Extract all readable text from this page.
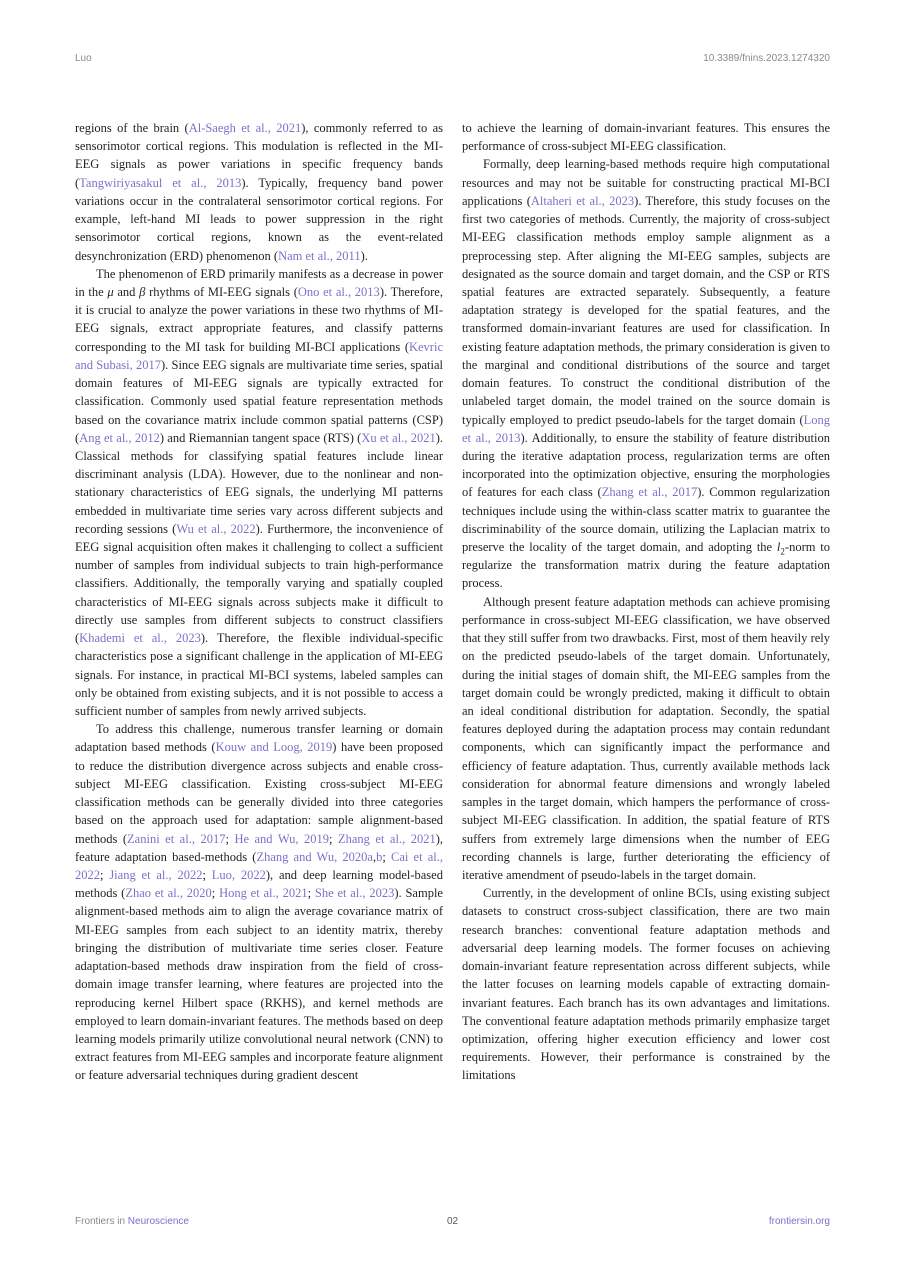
Luo	10.3389/fnins.2023.1274320

regions of the brain (Al-Saegh et al., 2021), commonly referred to as sensorimotor cortical regions. This modulation is reflected in the MI-EEG signals as power variations in specific frequency bands (Tangwiriyasakul et al., 2013). Typically, frequency band power variations occur in the contralateral sensorimotor cortical regions. For example, left-hand MI leads to power suppression in the right sensorimotor cortical regions, known as the event-related desynchronization (ERD) phenomenon (Nam et al., 2011).

The phenomenon of ERD primarily manifests as a decrease in power in the μ and β rhythms of MI-EEG signals (Ono et al., 2013). Therefore, it is crucial to analyze the power variations in these two rhythms of MI-EEG signals, extract appropriate features, and classify patterns corresponding to the MI task for building MI-BCI applications (Kevric and Subasi, 2017). Since EEG signals are multivariate time series, spatial domain features of MI-EEG signals are typically extracted for classification. Commonly used spatial feature representation methods based on the covariance matrix include common spatial patterns (CSP) (Ang et al., 2012) and Riemannian tangent space (RTS) (Xu et al., 2021). Classical methods for classifying spatial features include linear discriminant analysis (LDA). However, due to the nonlinear and non-stationary characteristics of EEG signals, the underlying MI patterns embedded in multivariate time series vary across different subjects and recording sessions (Wu et al., 2022). Furthermore, the inconvenience of EEG signal acquisition often makes it challenging to collect a sufficient number of samples from individual subjects to train high-performance classifiers. Additionally, the temporally varying and spatially coupled characteristics of MI-EEG signals across subjects make it difficult to directly use samples from different subjects to construct classifiers (Khademi et al., 2023). Therefore, the flexible individual-specific characteristics pose a significant challenge in the application of MI-EEG signals. For instance, in practical MI-BCI systems, labeled samples can only be obtained from existing subjects, and it is not possible to access a sufficient number of samples from newly arrived subjects.

To address this challenge, numerous transfer learning or domain adaptation based methods (Kouw and Loog, 2019) have been proposed to reduce the distribution divergence across subjects and enable cross-subject MI-EEG classification. Existing cross-subject MI-EEG classification methods can be generally divided into three categories based on the approach used for adaptation: sample alignment-based methods (Zanini et al., 2017; He and Wu, 2019; Zhang et al., 2021), feature adaptation based-methods (Zhang and Wu, 2020a,b; Cai et al., 2022; Jiang et al., 2022; Luo, 2022), and deep learning model-based methods (Zhao et al., 2020; Hong et al., 2021; She et al., 2023). Sample alignment-based methods aim to align the average covariance matrix of MI-EEG samples from each subject to an identity matrix, thereby bringing the distribution of multivariate time series closer. Feature adaptation-based methods draw inspiration from the field of cross-domain image transfer learning, where features are projected into the reproducing kernel Hilbert space (RKHS), and kernel methods are employed to learn domain-invariant features. The methods based on deep learning models primarily utilize convolutional neural network (CNN) to extract features from MI-EEG samples and incorporate feature alignment or feature adversarial techniques during gradient descent

to achieve the learning of domain-invariant features. This ensures the performance of cross-subject MI-EEG classification.

Formally, deep learning-based methods require high computational resources and may not be suitable for constructing practical MI-BCI applications (Altaheri et al., 2023). Therefore, this study focuses on the first two categories of methods. Currently, the majority of cross-subject MI-EEG classification methods employ sample alignment as a preprocessing step. After aligning the MI-EEG samples, subjects are designated as the source domain and target domain, and the CSP or RTS spatial features are extracted separately. Subsequently, a feature adaptation strategy is developed for the spatial features, and the transformed domain-invariant features are used for classification. In existing feature adaptation methods, the primary consideration is given to the marginal and conditional distributions of the source and target domain features. To construct the conditional distribution of the unlabeled target domain, the model trained on the source domain is typically employed to predict pseudo-labels for the target domain (Long et al., 2013). Additionally, to ensure the stability of feature distribution during the iterative adaptation process, regularization terms are often incorporated into the optimization objective, ensuring the morphologies of features for each class (Zhang et al., 2017). Common regularization techniques include using the within-class scatter matrix to guarantee the discriminability of the source domain, utilizing the Laplacian matrix to preserve the locality of the target domain, and adopting the $l_2$-norm to regularize the transformation matrix during the feature adaptation process.

Although present feature adaptation methods can achieve promising performance in cross-subject MI-EEG classification, we have observed that they still suffer from two drawbacks. First, most of them heavily rely on the predicted pseudo-labels of the target domain. Unfortunately, during the initial stages of domain shift, the MI-EEG samples from the target domain could be wrongly predicted, making it difficult to obtain an ideal conditional distribution for adaptation. Secondly, the spatial features deployed during the adaptation process may contain redundant components, which can significantly impact the performance and efficiency of feature adaptation. Thus, currently available methods lack consideration for abnormal feature dimensions and wrongly labeled samples in the target domain, which hampers the performance of cross-subject MI-EEG classification. In addition, the spatial feature of RTS suffers from extremely large dimensions when the number of EEG recording channels is large, further deteriorating the efficiency of iterative amendment of pseudo-labels in the target domain.

Currently, in the development of online BCIs, using existing subject datasets to construct cross-subject classification, there are two main research branches: conventional feature adaptation methods and adversarial deep learning models. The former focuses on achieving domain-invariant feature representation across different subjects, while the latter focuses on learning models capable of extracting domain-invariant features. Each branch has its own advantages and limitations. The conventional feature adaptation methods primarily emphasize target optimization, offering higher execution efficiency and lower cost requirements. However, their performance is constrained by the limitations

Frontiers in Neuroscience	02	frontiersin.org
